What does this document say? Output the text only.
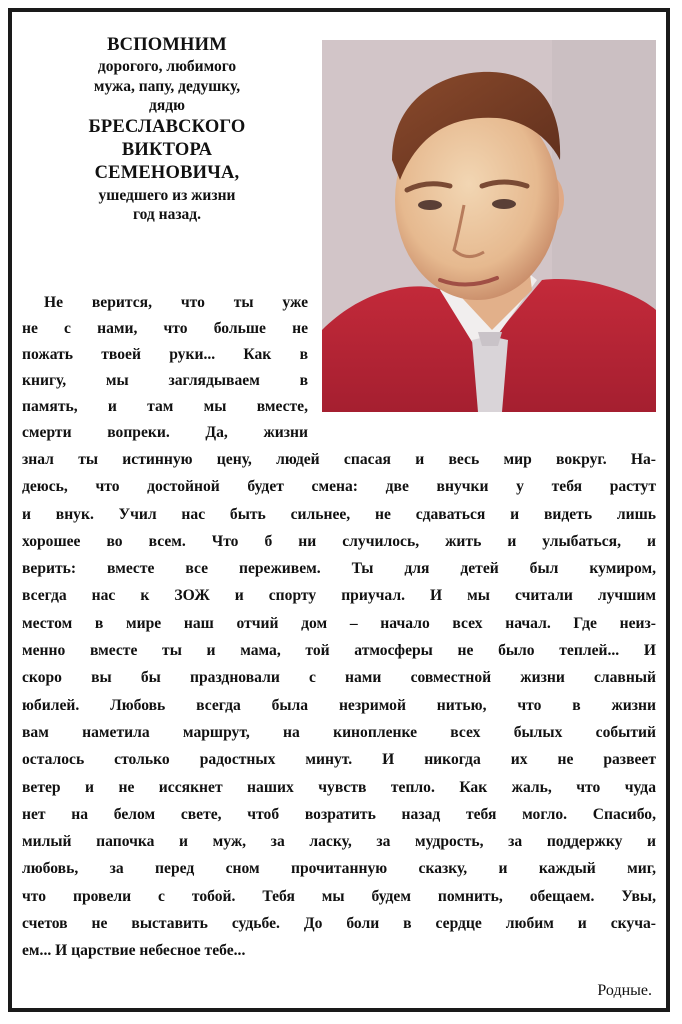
ВСПОМНИМ
дорогого, любимого
мужа, папу, дедушку,
дядю
БРЕСЛАВСКОГО
ВИКТОРА
СЕМЕНОВИЧА,
ушедшего из жизни
год назад.
Не верится, что ты уже
не с нами, что больше не
пожать твоей руки... Как в
книгу, мы заглядываем в
память, и там мы вместе,
смерти вопреки. Да, жизни
знал ты истинную цену, людей спасая и весь мир вокруг. На-
деюсь, что достойной будет смена: две внучки у тебя растут
и внук. Учил нас быть сильнее, не сдаваться и видеть лишь
хорошее во всем. Что б ни случилось, жить и улыбаться, и
верить: вместе все переживем. Ты для детей был кумиром,
всегда нас к ЗОЖ и спорту приучал. И мы считали лучшим
местом в мире наш отчий дом – начало всех начал. Где неиз-
менно вместе ты и мама, той атмосферы не было теплей... И
скоро вы бы праздновали с нами совместной жизни славный
юбилей. Любовь всегда была незримой нитью, что в жизни
вам наметила маршрут, на кинопленке всех былых событий
осталось столько радостных минут. И никогда их не развеет
ветер и не иссякнет наших чувств тепло. Как жаль, что чуда
нет на белом свете, чтоб возратить назад тебя могло. Спасибо,
милый папочка и муж, за ласку, за мудрость, за поддержку и
любовь, за перед сном прочитанную сказку, и каждый миг,
что провели с тобой. Тебя мы будем помнить, обещаем. Увы,
счетов не выставить судьбе. До боли в сердце любим и скуча-
ем... И царствие небесное тебе...
Родные.
